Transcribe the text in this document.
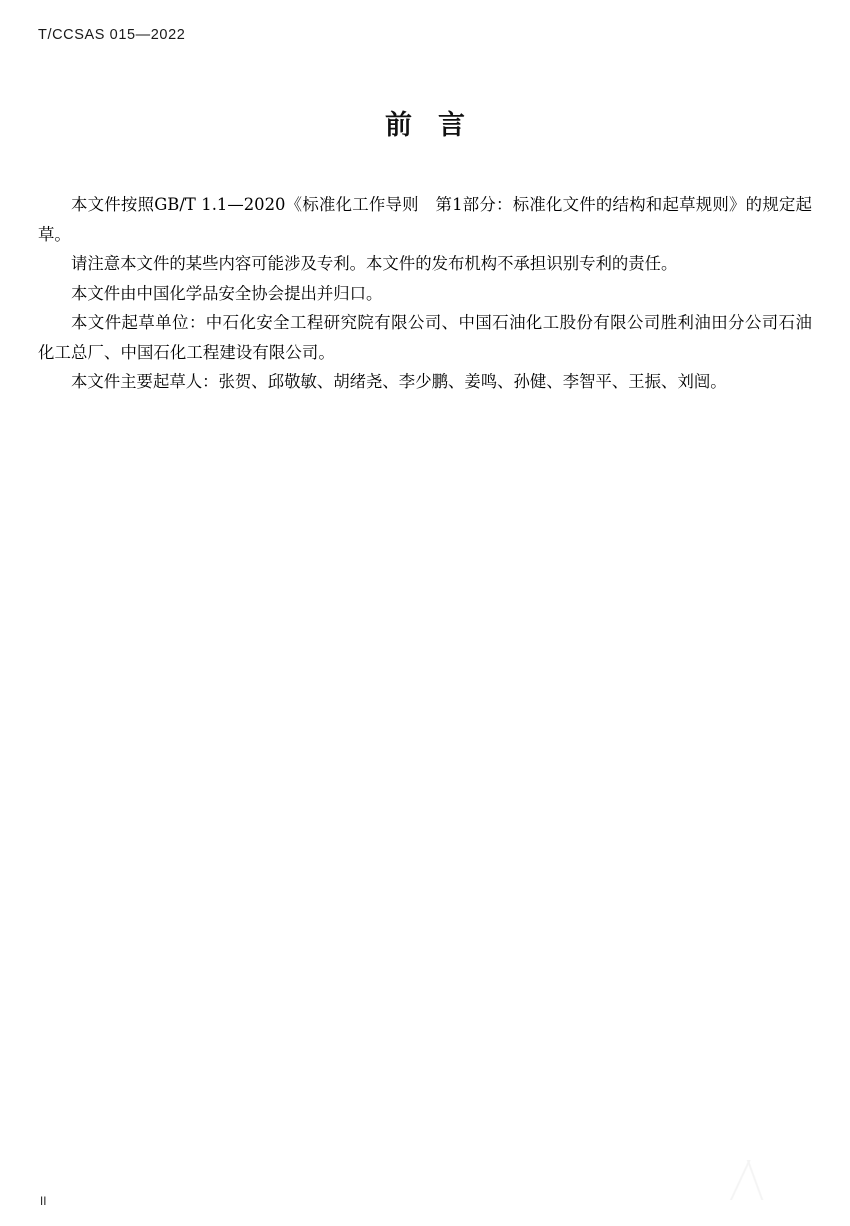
T/CCSAS 015—2022
前言

本文件按照GB/T 1.1—2020《标准化工作导则　第1部分：标准化文件的结构和起草规则》的规定起草。

请注意本文件的某些内容可能涉及专利。本文件的发布机构不承担识别专利的责任。

本文件由中国化学品安全协会提出并归口。

本文件起草单位：中石化安全工程研究院有限公司、中国石油化工股份有限公司胜利油田分公司石油化工总厂、中国石化工程建设有限公司。

本文件主要起草人：张贺、邱敬敏、胡绪尧、李少鹏、姜鸣、孙健、李智平、王振、刘闿。

II
